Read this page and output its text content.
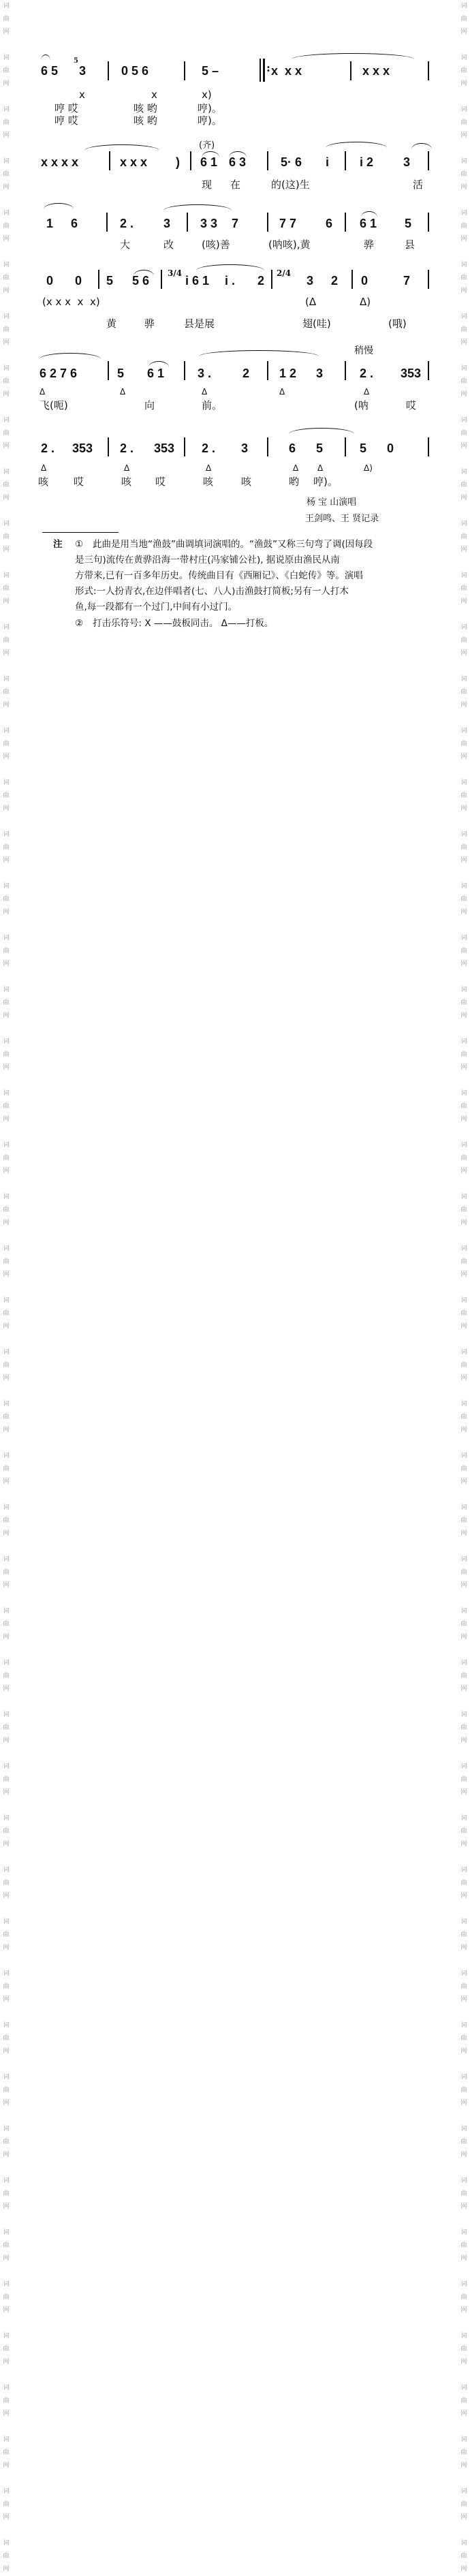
词
曲
网

词
曲
网

词
曲
网

词
曲
网

词
曲
网

词
曲
网

词
曲
网

词
曲
网

词
曲
网

词
曲
网

词
曲
网

词
曲
网

词
曲
网

词
曲
网

词
曲
网

词
曲
网

词
曲
网

词
曲
网

词
曲
网

词
曲
网

词
曲
网

词
曲
网

词
曲
网

词
曲
网

词
曲
网

词
曲
网

词
曲
网

词
曲
网

词
曲
网

词
曲
网

词
曲
网

词
曲
网

词
曲
网

词
曲
网

词
曲
网

词
曲
网

词
曲
网

词
曲
网

词
曲
网

词
曲
网

词
曲
网

词
曲
网

词
曲
网

词
曲
网

词
曲
网

词
曲
网

词
曲
网

词
曲
网

词
曲
网

词
曲
网

词
曲
网

词
曲
网

词
曲
网

词
曲
网

词
曲
网

词
曲
网

词
曲
网

词
曲
网

词
曲
网

词
曲
网

词
曲
网

词
曲
网

词
曲
网

词
曲
网

词
曲
网

词
曲
网

词
曲
网

词
曲
网

词
曲
网

词
曲
网

词
曲
网

词
曲
网

词
曲
网

词
曲
网

词
曲
网

词
曲
网

词
曲
网

词
曲
网

词
曲
网

词
曲
网

词
曲
网

词
曲
网

词
曲
网

词
曲
网

词
曲
网

词
曲
网

词
曲
网

词
曲
网

词
曲
网

词
曲
网

词
曲
网

词
曲
网

词
曲
网

词
曲
网

词
曲
网

词
曲
网

词
曲
网

词
曲
网

词
曲
网

词
曲
网

6 5
5
3	0 5 6	5 –	: x  x x	x x x
x	x	x)
哼 哎	咳 哟	哼)。
哼 哎	咳 哟	哼)。
(齐)
x x x x	x x x ) 6 1 6 3	5· 6 i i 2 3
现 在	的(这)生	活
1 6	2 . 3 3 3 7	7 7 6 6 1 5
大	改	(咳)善	(呐咳),黄	骅	县
0 0 5 5 6
3/4
i 6 1 i . 2
2/4
3 2 0	7
(x x x  x  x)	(Δ	Δ)
黄	骅	县是展	翅(哇)	(哦)
稍慢
6 2 7 6	5 6 1	3 .	2 1 2 3	2 . 353
Δ	Δ	Δ	Δ	Δ
飞(呃)	向	前。	(呐	哎
2 . 353 2 . 353 2 . 3	6 5	5 0
Δ	Δ	Δ	Δ Δ	Δ)
咳 哎	咳 哎	咳	咳	哟 哼)。
杨 宝 山演唱
王剑鸣、王 贤记录
注 ① 此曲是用当地“渔鼓”曲调填词演唱的。“渔鼓”又称三句弯了调(因每段
是三句)流传在黄骅沿海一带村庄(冯家铺公社), 据说原由渔民从南
方带来,已有一百多年历史。传统曲目有《西厢记》、《白蛇传》等。演唱
形式:一人扮青衣,在边伴唱者(七、八人)击渔鼓打简板;另有一人打木
鱼,每一段都有一个过门,中间有小过门。
② 打击乐符号: X ——鼓板同击。 Δ——打板。
